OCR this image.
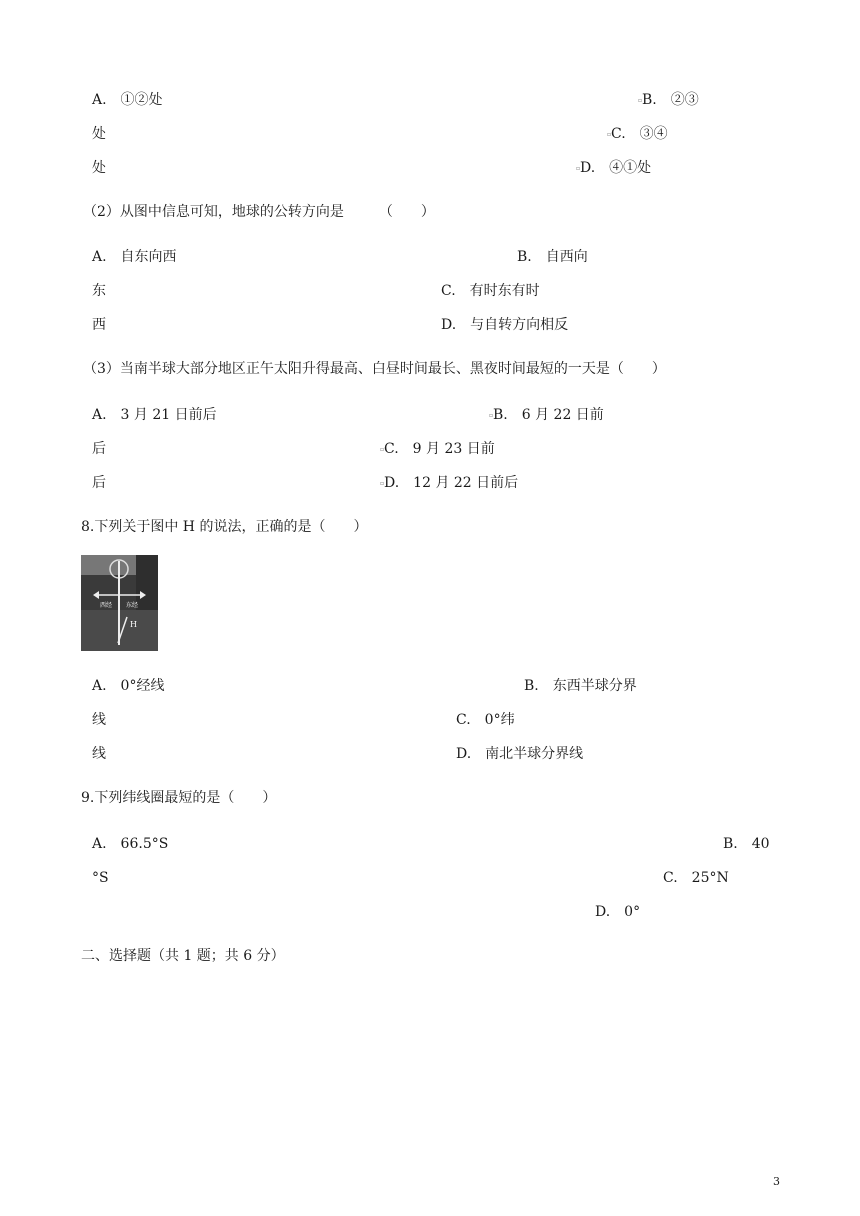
A.　①②处	▫ B.　②③
处	▫ C.　③④
处	▫ D.　④①处
（2）从图中信息可知，地球的公转方向是　　　（　　）
A.　自东向西	B.　自西向
东	C.　有时东有时
西	D.　与自转方向相反
（3）当南半球大部分地区正午太阳升得最高、白昼时间最长、黑夜时间最短的一天是（　　）
A.　3 月 21 日前后	▫ B.　6 月 22 日前
后	▫ C.　9 月 23 日前
后	▫ D.　12 月 22 日前后
8.下列关于图中 H 的说法，正确的是（　　）
西经 东经
H
A.　0°经线	B.　东西半球分界
线	C.　0°纬
线	D.　南北半球分界线
9.下列纬线圈最短的是（　　）
A.　66.5°S	B.　40
°S	C.　25°N
D.　0°
二、选择题（共 1 题；共 6 分）
3
